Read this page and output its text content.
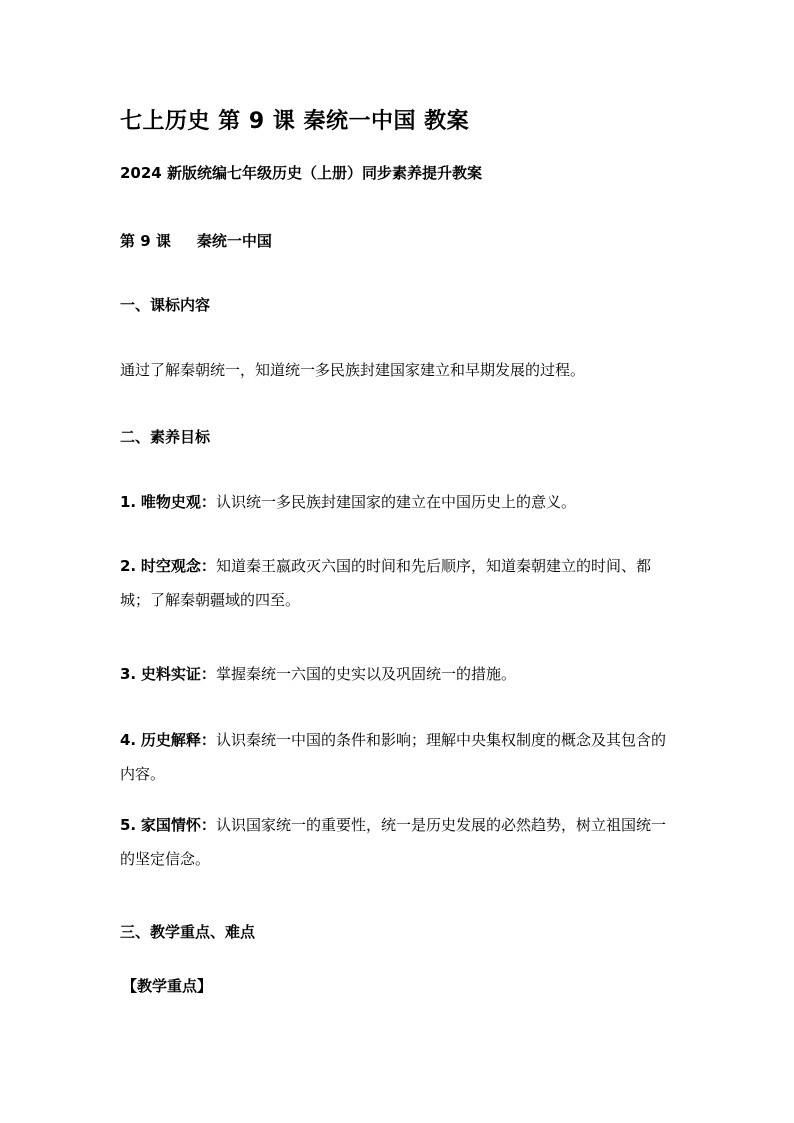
七上历史 第 9 课 秦统一中国 教案
2024 新版统编七年级历史（上册）同步素养提升教案
第 9 课 秦统一中国
一、课标内容
通过了解秦朝统一，知道统一多民族封建国家建立和早期发展的过程。
二、素养目标
1. 唯物史观：认识统一多民族封建国家的建立在中国历史上的意义。
2. 时空观念：知道秦王嬴政灭六国的时间和先后顺序，知道秦朝建立的时间、都城；了解秦朝疆域的四至。
3. 史料实证：掌握秦统一六国的史实以及巩固统一的措施。
4. 历史解释：认识秦统一中国的条件和影响；理解中央集权制度的概念及其包含的内容。
5. 家国情怀：认识国家统一的重要性，统一是历史发展的必然趋势，树立祖国统一的坚定信念。
三、教学重点、难点
【教学重点】
